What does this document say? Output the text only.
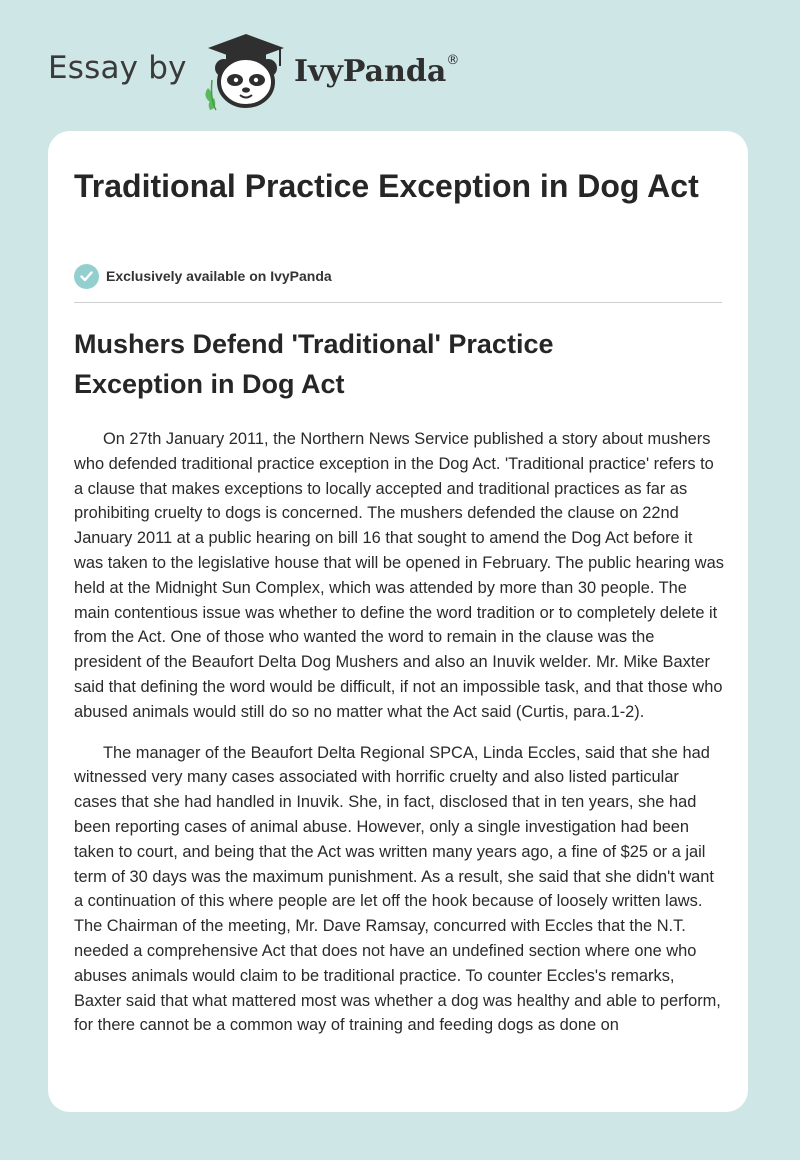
Essay by	IvyPanda®
Traditional Practice Exception in Dog Act
Exclusively available on IvyPanda
Mushers Defend 'Traditional' Practice Exception in Dog Act

On 27th January 2011, the Northern News Service published a story about mushers who defended traditional practice exception in the Dog Act. 'Traditional practice' refers to a clause that makes exceptions to locally accepted and traditional practices as far as prohibiting cruelty to dogs is concerned. The mushers defended the clause on 22nd January 2011 at a public hearing on bill 16 that sought to amend the Dog Act before it was taken to the legislative house that will be opened in February. The public hearing was held at the Midnight Sun Complex, which was attended by more than 30 people. The main contentious issue was whether to define the word tradition or to completely delete it from the Act. One of those who wanted the word to remain in the clause was the president of the Beaufort Delta Dog Mushers and also an Inuvik welder. Mr. Mike Baxter said that defining the word would be difficult, if not an impossible task, and that those who abused animals would still do so no matter what the Act said (Curtis, para.1-2).

The manager of the Beaufort Delta Regional SPCA, Linda Eccles, said that she had witnessed very many cases associated with horrific cruelty and also listed particular cases that she had handled in Inuvik. She, in fact, disclosed that in ten years, she had been reporting cases of animal abuse. However, only a single investigation had been taken to court, and being that the Act was written many years ago, a fine of $25 or a jail term of 30 days was the maximum punishment. As a result, she said that she didn't want a continuation of this where people are let off the hook because of loosely written laws. The Chairman of the meeting, Mr. Dave Ramsay, concurred with Eccles that the N.T. needed a comprehensive Act that does not have an undefined section where one who abuses animals would claim to be traditional practice. To counter Eccles's remarks, Baxter said that what mattered most was whether a dog was healthy and able to perform, for there cannot be a common way of training and feeding dogs as done on
